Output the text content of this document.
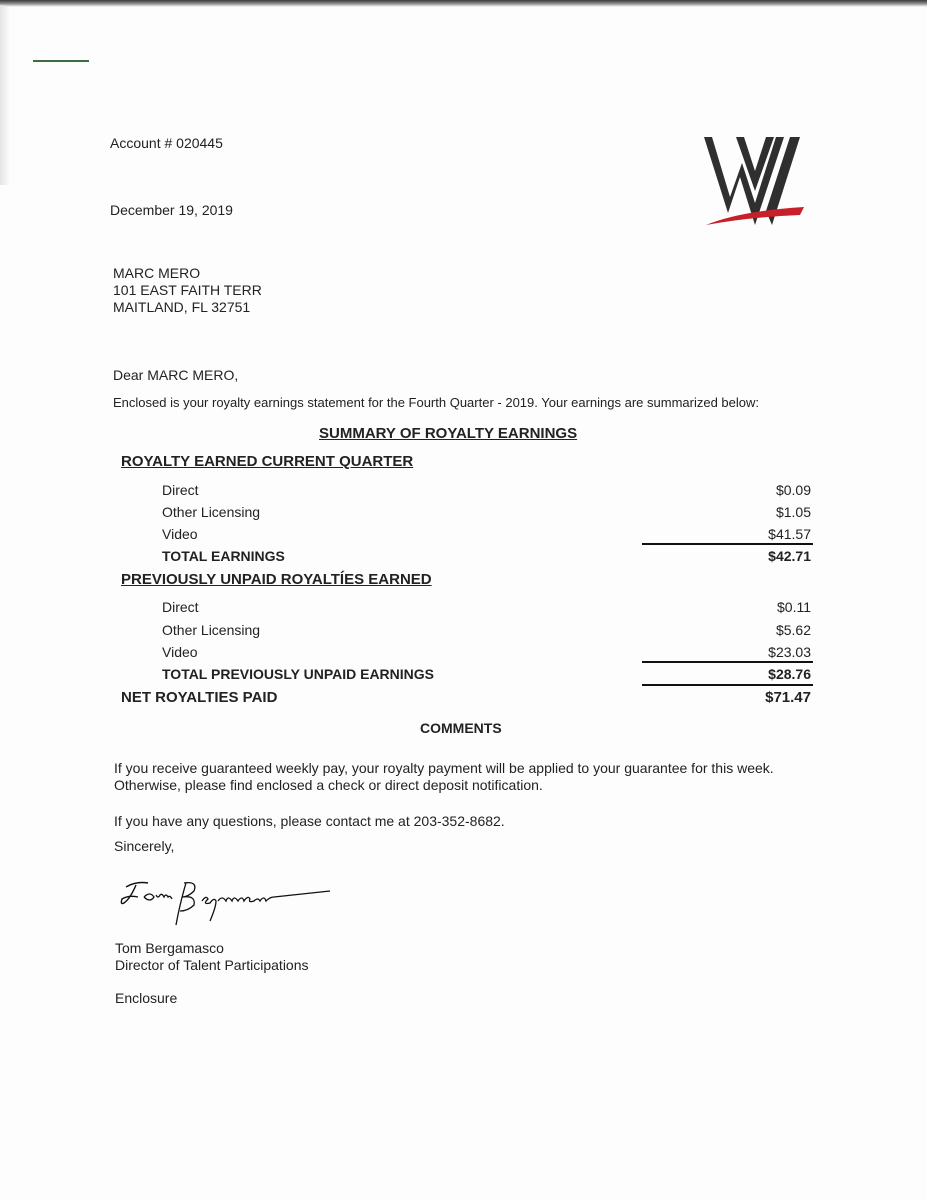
Account # 020445
December 19, 2019
MARC MERO
101 EAST FAITH TERR
MAITLAND, FL 32751
Dear MARC MERO,
Enclosed is your royalty earnings statement for the Fourth Quarter - 2019. Your earnings are summarized below:
SUMMARY OF ROYALTY EARNINGS
ROYALTY EARNED CURRENT QUARTER
Direct	$0.09
Other Licensing	$1.05
Video	$41.57
TOTAL EARNINGS	$42.71
PREVIOUSLY UNPAID ROYALTÍES EARNED
Direct	$0.11
Other Licensing	$5.62
Video	$23.03
TOTAL PREVIOUSLY UNPAID EARNINGS	$28.76
NET ROYALTIES PAID	$71.47
COMMENTS
If you receive guaranteed weekly pay, your royalty payment will be applied to your guarantee for this week.
Otherwise, please find enclosed a check or direct deposit notification.
If you have any questions, please contact me at 203-352-8682.
Sincerely,
Tom Bergamasco
Director of Talent Participations
Enclosure
